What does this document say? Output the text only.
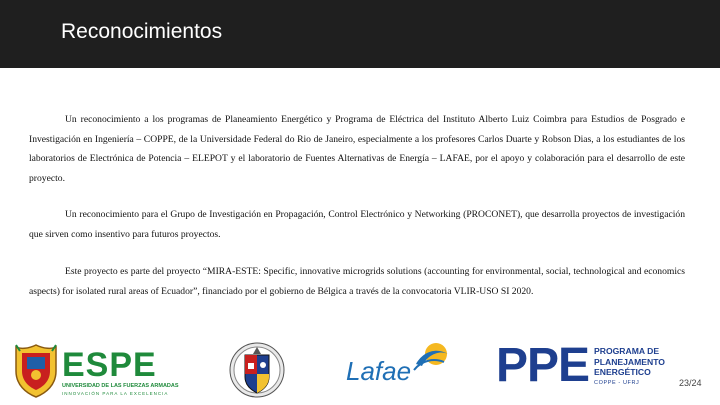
Reconocimientos

Un reconocimiento a los programas de Planeamiento Energético y Programa de Eléctrica del Instituto Alberto Luiz Coimbra para Estudios de Posgrado e Investigación en Ingeniería – COPPE, de la Universidade Federal do Rio de Janeiro, especialmente a los profesores Carlos Duarte y Robson Dias, a los estudiantes de los laboratorios de Electrónica de Potencia – ELEPOT y el laboratorio de Fuentes Alternativas de Energía – LAFAE, por el apoyo y colaboración para el desarrollo de este proyecto.

Un reconocimiento para el Grupo de Investigación en Propagación, Control Electrónico y Networking (PROCONET), que desarrolla proyectos de investigación que sirven como insentivo para futuros proyectos.

Este proyecto es parte del proyecto “MIRA-ESTE: Specific, innovative microgrids solutions (accounting for environmental, social, technological and economics aspects) for isolated rural areas of Ecuador”, financiado por el gobierno de Bélgica a través de la convocatoria VLIR-USO SI 2020.

ESPE
UNIVERSIDAD DE LAS FUERZAS ARMADAS
INNOVACIÓN PARA LA EXCELENCIA
Lafae PPE PROGRAMA DE
PLANEJAMENTO
ENERGÉTICO
COPPE - UFRJ	23/24
